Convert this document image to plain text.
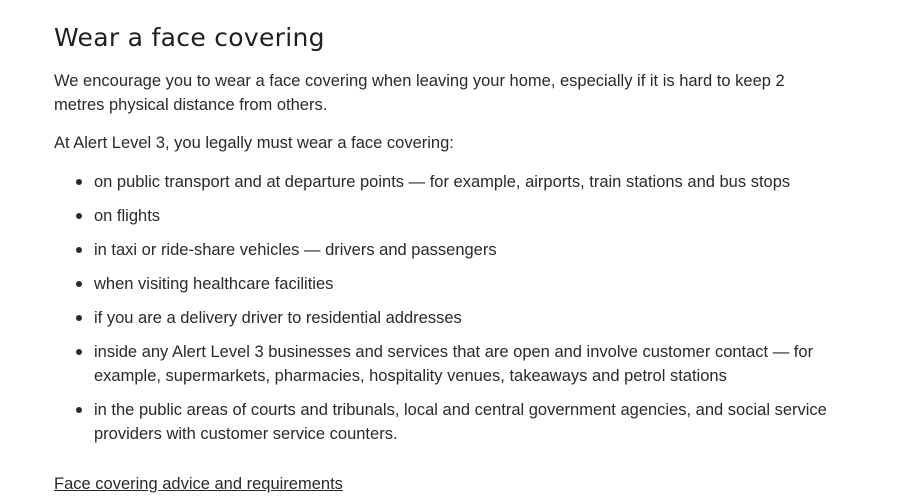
Wear a face covering

We encourage you to wear a face covering when leaving your home, especially if it is hard to keep 2 metres physical distance from others.

At Alert Level 3, you legally must wear a face covering:

on public transport and at departure points — for example, airports, train stations and bus stops
on flights
in taxi or ride-share vehicles — drivers and passengers
when visiting healthcare facilities
if you are a delivery driver to residential addresses
inside any Alert Level 3 businesses and services that are open and involve customer contact — for example, supermarkets, pharmacies, hospitality venues, takeaways and petrol stations
in the public areas of courts and tribunals, local and central government agencies, and social service providers with customer service counters.
Face covering advice and requirements
